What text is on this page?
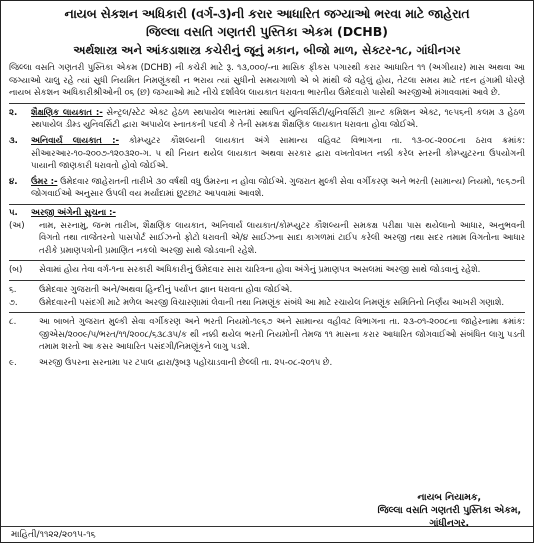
નાયબ સેકશન અધિકારી (વર્ગ-૩)ની કરાર આધારિત જગ્યાઓ ભરવા માટે જાહેરાત
જિલ્લા વસતિ ગણતરી પુસ્તિકા એકમ (DCHB)
અર્થશાસ્ત્ર અને આંકડાશાસ્ત્ર કચેરીનું જૂનું મકાન, બીજો માળ, સેક્ટર-૧૮, ગાંધીનગર

જિલ્લા વસતિ ગણતરી પુસ્તિકા એકમ (DCHB) ની કચેરી માટે રૂ. ૧૩,૦૦૦/-ના માસિક ફીકસ પગારથી કરાર આધારિત ૧૧ (અગીયાર) માસ અથવા આ જગ્યાઓ ચાલુ રહે ત્યાં સુધી નિયમિત નિમણૂંકથી ન ભરાય ત્યાં સુધીનો સમયગાળો એ બે માંથી જે વહેલું હોય, તેટલા સમય માટે તદન હંગામી ધોરણે નાયબ સેકશન અધિકારીશ્રીઓની ૦૬ (છ) જગ્યાઓ માટે નીચે દર્શાવેલ લાયકાત ધરાવતા ભારતીય ઉમેદવારો પાસેથી અરજીઓ મંગાવવામાં આવે છે.

૨.	શૈક્ષણિક લાયકાત :- સેન્ટ્રલ/સ્ટેટ એક્ટ હેઠળ સ્થપાયેલ ભારતમાં સ્થાપિત યુનિવર્સિટી/યુનિવર્સિટી ગ્રાન્ટ કમિશન એક્ટ, ૧૯૫૬ની કલમ ૩ હેઠળ સ્થપાયેલ ડીમ્ડ યુનિવર્સિટી દ્વારા અપાયેલ સ્નાતકની પદવી કે તેની સમકક્ષ શૈક્ષણિક લાયકાત ધરાવતા હોવા જોઈએ.
૩.	અનિવાર્ય લાયકાત :- કોમ્પ્યુટર કૌશલ્યની લાયકાત અંગે સામાન્ય વહિવટ વિભાગના તા. ૧૩-૦૮-૨૦૦૮ના ઠરાવ ક્રમાંક: સીઆરઆર-૧૦-૨૦૦૭-૧૨૦૩૨૦-ગ. ૫ થી નિયત થયેલ લાયકાત અથવા સરકાર દ્વારા વખતોવખત નક્કી કરેલ સ્તરની કોમ્પ્યુટરના ઉપયોગની પાયાની જાણકારી ધરાવતો હોવો જોઈએ.
૪.	ઉંમર :- ઉમેદવાર જાહેરાતની તારીખે ૩૦ વર્ષથી વધુ ઉંમરના ન હોવા જોઈએ. ગુજરાત મુલ્કી સેવા વર્ગીકરણ અને ભરતી (સામાન્ય) નિયમો, ૧૯૬૭ની જોગવાઈઓ અનુસાર ઉપલી વય મર્યાદામાં છુટછાટ આપવામાં આવશે.
૫.	અરજી અંગેની સુચના :-
(અ)	નામ, સરનામુ, જન્મ તારીખ, શૈક્ષણિક લાયકાત, અનિવાર્ય લાયકાત/કોમ્પ્યુટર કૌશલ્યની સમકક્ષ પરીક્ષા પાસ થયેલાનો આધાર, અનુભવની વિગતો તથા તાજેતરનો પાસપોર્ટ સાઈઝનો ફોટો ધરાવતી એ/૪ સાઈઝના સાદા કાગળમાં ટાઈપ કરેલી અરજી તથા સદર તમામ વિગતોના આધાર તરીકે પ્રમાણપત્રોની પ્રમાણિત નકલો અરજી સાથે જોડવાની રહેશે.
(બ)	સેવામાં હોય તેવા વર્ગ-૧ના સરકારી અધિકારીનું ઉમેદવાર સારા ચારિત્રના હોવા અંગેનું પ્રમાણપત્ર અસલમાં અરજી સાથે જોડવાનું રહેશે.
૬.	ઉમેદવાર ગુજરાતી અને/અથવા હિન્દીનું પર્યાપ્ત જ્ઞાન ધરાવતા હોવા જોઈએ.
૭.	ઉમેદવારની પસંદગી માટે મળેલ અરજી વિચારણામાં લેવાની તથા નિમણૂંક સંબંધે આ માટે રચાયેલ નિમણૂંક સમિતિનો નિર્ણય આખરી ગણાશે.
૮.	આ બાબતે ગુજરાત મુલ્કી સેવા વર્ગીકરણ અને ભરતી નિયમો-૧૯૬૭ અને સામાન્ય વહીવટ વિભાગના તા. ૨૩-૦૧-૨૦૦૮ના જાહેરનામા ક્રમાંક: જીએસ/૨૦૦૯/૫/ભરત/૧૧/૨૦૦૮/૬૩૮૩૫/ક થી નક્કી થયેલ ભરતી નિયમોની તેમજ ૧૧ માસના કરાર આધારિત જોગવાઈઓ સંબંધિત લાગુ પડતી તમામ શરતો આ કસર આધારિત પસંદગી/નિમણૂંકને લાગુ પડશે.
૯.	અરજી ઉપરના સરનામા પર ટપાલ દ્વારા/રૂબરૂ પહોંચાડવાની છેલ્લી તા. ૨૫-૦૮-૨૦૧૫ છે.
નાયબ નિયામક,
જિલ્લા વસતિ ગણતરી પુસ્તિકા એકમ,
ગાંધીનગર.
માહિતી/૧૧૨૨/૨૦૧૫-૧૬
